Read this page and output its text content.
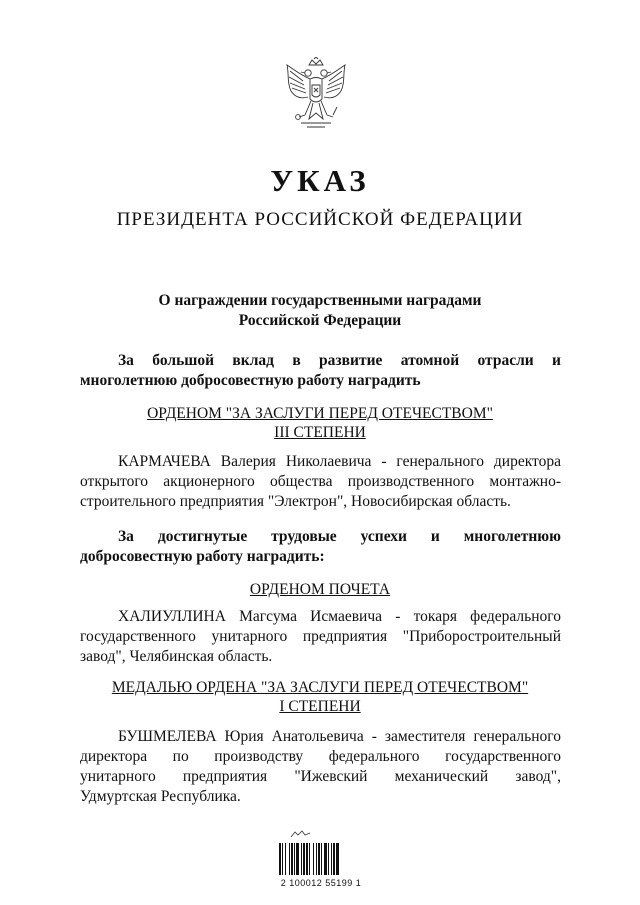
УКАЗ
ПРЕЗИДЕНТА РОССИЙСКОЙ ФЕДЕРАЦИИ
О награждении государственными наградами
Российской Федерации
За большой вклад в развитие атомной отрасли и
многолетнюю добросовестную работу наградить
ОРДЕНОМ "ЗА ЗАСЛУГИ ПЕРЕД ОТЕЧЕСТВОМ"
III СТЕПЕНИ
КАРМАЧЕВА Валерия Николаевича - генерального директора
открытого акционерного общества производственного монтажно-
строительного предприятия "Электрон", Новосибирская область.
За достигнутые трудовые успехи и многолетнюю
добросовестную работу наградить:
ОРДЕНОМ ПОЧЕТА
ХАЛИУЛЛИНА Магсума Исмаевича - токаря федерального
государственного унитарного предприятия "Приборостроительный
завод", Челябинская область.
МЕДАЛЬЮ ОРДЕНА "ЗА ЗАСЛУГИ ПЕРЕД ОТЕЧЕСТВОМ"
I СТЕПЕНИ
БУШМЕЛЕВА Юрия Анатольевича - заместителя генерального
директора по производству федерального государственного
унитарного предприятия "Ижевский механический завод",
Удмуртская Республика.
2 100012 55199 1
